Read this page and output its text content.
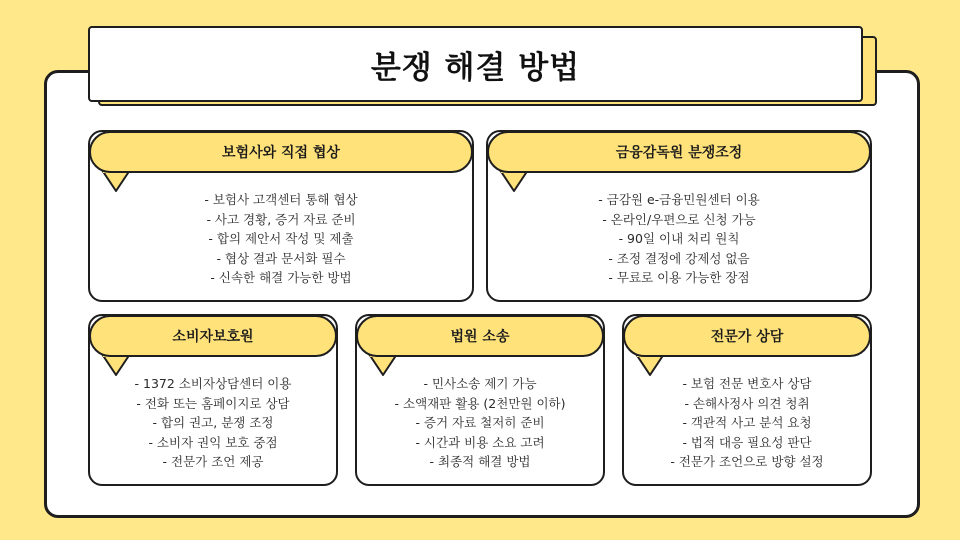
분쟁 해결 방법
보험사와 직접 협상
- 보험사 고객센터 통해 협상
- 사고 경황, 증거 자료 준비
- 합의 제안서 작성 및 제출
- 협상 결과 문서화 필수
- 신속한 해결 가능한 방법
금융감독원 분쟁조정
- 금감원 e-금융민원센터 이용
- 온라인/우편으로 신청 가능
- 90일 이내 처리 원칙
- 조정 결정에 강제성 없음
- 무료로 이용 가능한 장점
소비자보호원
- 1372 소비자상담센터 이용
- 전화 또는 홈페이지로 상담
- 합의 권고, 분쟁 조정
- 소비자 권익 보호 중점
- 전문가 조언 제공
법원 소송
- 민사소송 제기 가능
- 소액재판 활용 (2천만원 이하)
- 증거 자료 철저히 준비
- 시간과 비용 소요 고려
- 최종적 해결 방법
전문가 상담
- 보험 전문 변호사 상담
- 손해사정사 의견 청취
- 객관적 사고 분석 요청
- 법적 대응 필요성 판단
- 전문가 조언으로 방향 설정
